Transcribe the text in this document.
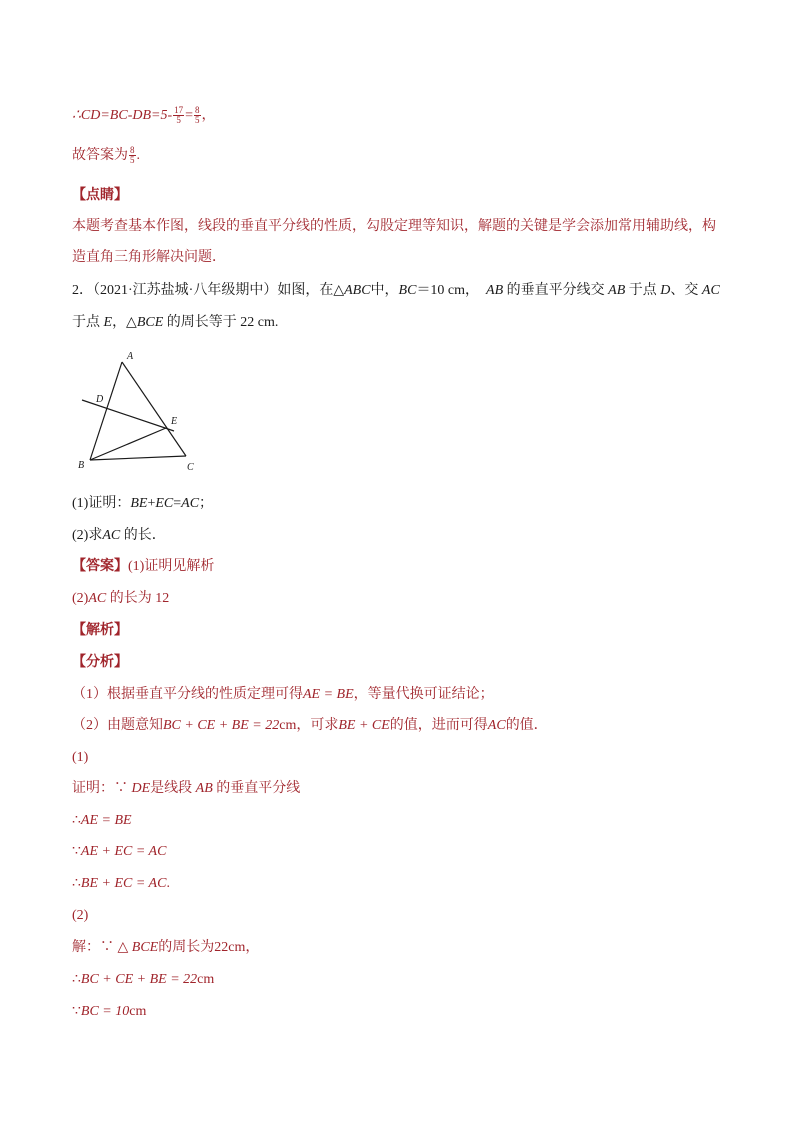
∴CD=BC-DB=5- $\frac{17}{5} = \frac{8}{5}$ ，
故答案为 $\frac{8}{5}$ .
【点睛】
本题考查基本作图，线段的垂直平分线的性质，勾股定理等知识，解题的关键是学会添加常用辅助线，构
造直角三角形解决问题．
2．（2021·江苏盐城·八年级期中）如图，在△ABC中，BC＝10 cm， AB 的垂直平分线交 AB 于点 D、交 AC
于点 E，△BCE 的周长等于 22 cm.
A
B	C
D
E
(1)证明：BE+EC=AC；
(2)求AC 的长．
【答案】(1)证明见解析
(2)AC 的长为 12
【解析】
【分析】
（1）根据垂直平分线的性质定理可得AE = BE，等量代换可证结论；
（2）由题意知BC + CE + BE = 22cm，可求BE + CE的值，进而可得AC的值．
(1)
证明：∵ DE是线段 AB 的垂直平分线
∴AE = BE
∵AE + EC = AC
∴BE + EC = AC.
(2)
解：∵ △ BCE的周长为22cm，
∴BC + CE + BE = 22cm
∵BC = 10cm
